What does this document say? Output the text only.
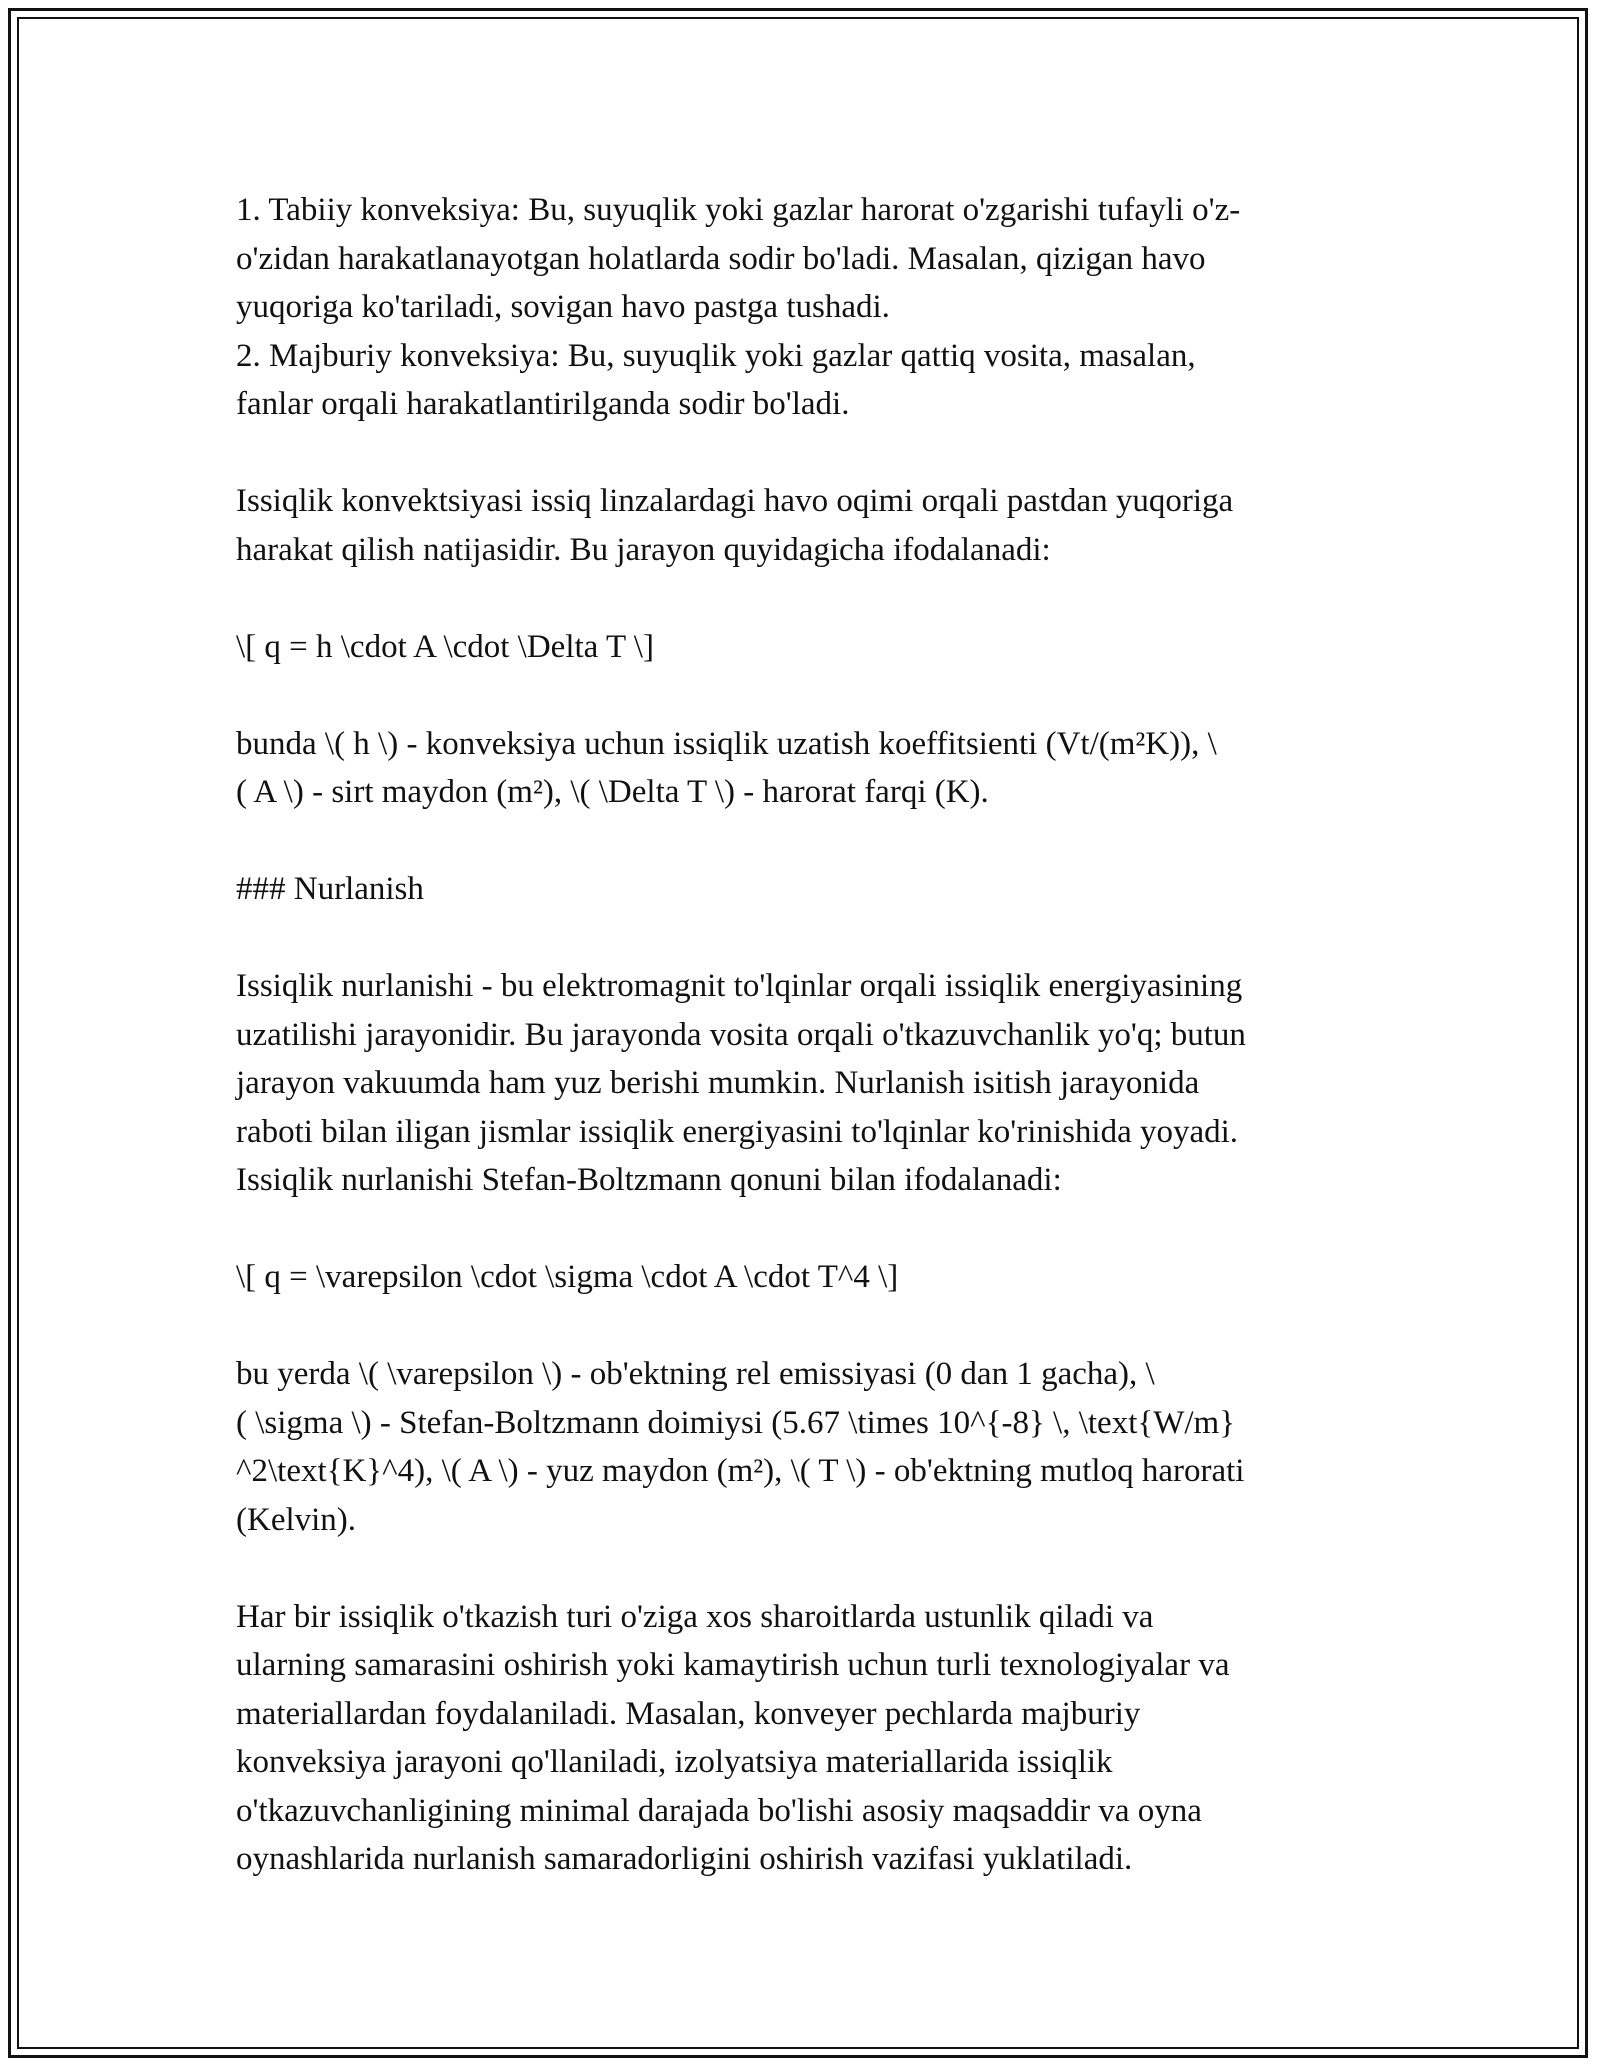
1. Tabiiy konveksiya: Bu, suyuqlik yoki gazlar harorat o'zgarishi tufayli o'z-

o'zidan harakatlanayotgan holatlarda sodir bo'ladi. Masalan, qizigan havo

yuqoriga ko'tariladi, sovigan havo pastga tushadi.

2. Majburiy konveksiya: Bu, suyuqlik yoki gazlar qattiq vosita, masalan,

fanlar orqali harakatlantirilganda sodir bo'ladi.

Issiqlik konvektsiyasi issiq linzalardagi havo oqimi orqali pastdan yuqoriga

harakat qilish natijasidir. Bu jarayon quyidagicha ifodalanadi:

\[ q = h \cdot A \cdot \Delta T \]

bunda \( h \) - konveksiya uchun issiqlik uzatish koeffitsienti (Vt/(m²K)), \

( A \) - sirt maydon (m²), \( \Delta T \) - harorat farqi (K).

### Nurlanish

Issiqlik nurlanishi - bu elektromagnit to'lqinlar orqali issiqlik energiyasining

uzatilishi jarayonidir. Bu jarayonda vosita orqali o'tkazuvchanlik yo'q; butun

jarayon vakuumda ham yuz berishi mumkin. Nurlanish isitish jarayonida

raboti bilan iligan jismlar issiqlik energiyasini to'lqinlar ko'rinishida yoyadi.

Issiqlik nurlanishi Stefan-Boltzmann qonuni bilan ifodalanadi:

\[ q = \varepsilon \cdot \sigma \cdot A \cdot T^4 \]

bu yerda \( \varepsilon \) - ob'ektning rel emissiyasi (0 dan 1 gacha), \

( \sigma \) - Stefan-Boltzmann doimiysi (5.67 \times 10^{-8} \, \text{W/m}

^2\text{K}^4), \( A \) - yuz maydon (m²), \( T \) - ob'ektning mutloq harorati

(Kelvin).

Har bir issiqlik o'tkazish turi o'ziga xos sharoitlarda ustunlik qiladi va

ularning samarasini oshirish yoki kamaytirish uchun turli texnologiyalar va

materiallardan foydalaniladi. Masalan, konveyer pechlarda majburiy

konveksiya jarayoni qo'llaniladi, izolyatsiya materiallarida issiqlik

o'tkazuvchanligining minimal darajada bo'lishi asosiy maqsaddir va oyna

oynashlarida nurlanish samaradorligini oshirish vazifasi yuklatiladi.
